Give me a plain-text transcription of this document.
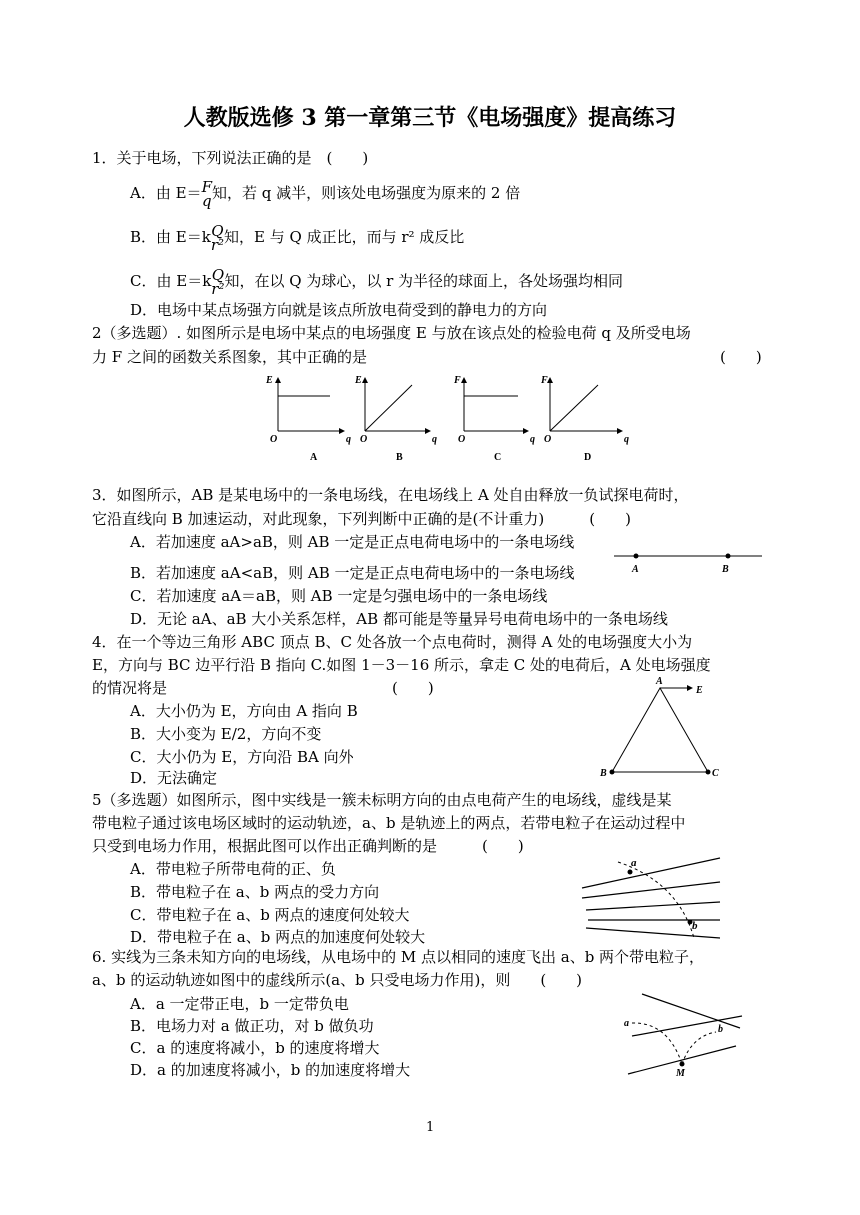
人教版选修 3 第一章第三节《电场强度》提高练习
1．关于电场，下列说法正确的是　(　　)
A．由 E＝ F
q 知，若 q 减半，则该处电场强度为原来的 2 倍
B．由 E＝k Q
r² 知，E 与 Q 成正比，而与 r² 成反比
C．由 E＝k Q
r² 知，在以 Q 为球心，以 r 为半径的球面上，各处场强均相同
D．电场中某点场强方向就是该点所放电荷受到的静电力的方向
2（多选题）. 如图所示是电场中某点的电场强度 E 与放在该点处的检验电荷 q 及所受电场
力 F 之间的函数关系图象，其中正确的是	(　　)
E
q
O
A
E
q
O
B
F
q
O
C
F
q
O
D
3．如图所示，AB 是某电场中的一条电场线，在电场线上 A 处自由释放一负试探电荷时，
它沿直线向 B 加速运动，对此现象，下列判断中正确的是(不计重力)　　　(　　)
A．若加速度 aA>aB，则 AB 一定是正点电荷电场中的一条电场线
B．若加速度 aA<aB，则 AB 一定是正点电荷电场中的一条电场线
C．若加速度 aA＝aB，则 AB 一定是匀强电场中的一条电场线
D．无论 aA、aB 大小关系怎样，AB 都可能是等量异号电荷电场中的一条电场线
A	B
4．在一个等边三角形 ABC 顶点 B、C 处各放一个点电荷时，测得 A 处的电场强度大小为
E，方向与 BC 边平行沿 B 指向 C.如图 1－3－16 所示，拿走 C 处的电荷后，A 处电场强度
的情况将是　　　　　　　　　　　　　　　(　　)
A．大小仍为 E，方向由 A 指向 B
B．大小变为 E/2，方向不变
C．大小仍为 E，方向沿 BA 向外
D．无法确定
A
E
B	C
5（多选题）如图所示，图中实线是一簇未标明方向的由点电荷产生的电场线，虚线是某
带电粒子通过该电场区域时的运动轨迹，a、b 是轨迹上的两点，若带电粒子在运动过程中
只受到电场力作用，根据此图可以作出正确判断的是　　　(　　)
A．带电粒子所带电荷的正、负
B．带电粒子在 a、b 两点的受力方向
C．带电粒子在 a、b 两点的速度何处较大
D．带电粒子在 a、b 两点的加速度何处较大
a
b
6. 实线为三条未知方向的电场线，从电场中的 M 点以相同的速度飞出 a、b 两个带电粒子，
a、b 的运动轨迹如图中的虚线所示(a、b 只受电场力作用)，则　　(　　)
A．a 一定带正电，b 一定带负电
B．电场力对 a 做正功，对 b 做负功
C．a 的速度将减小，b 的速度将增大
D．a 的加速度将减小，b 的加速度将增大
a
b
M
1
